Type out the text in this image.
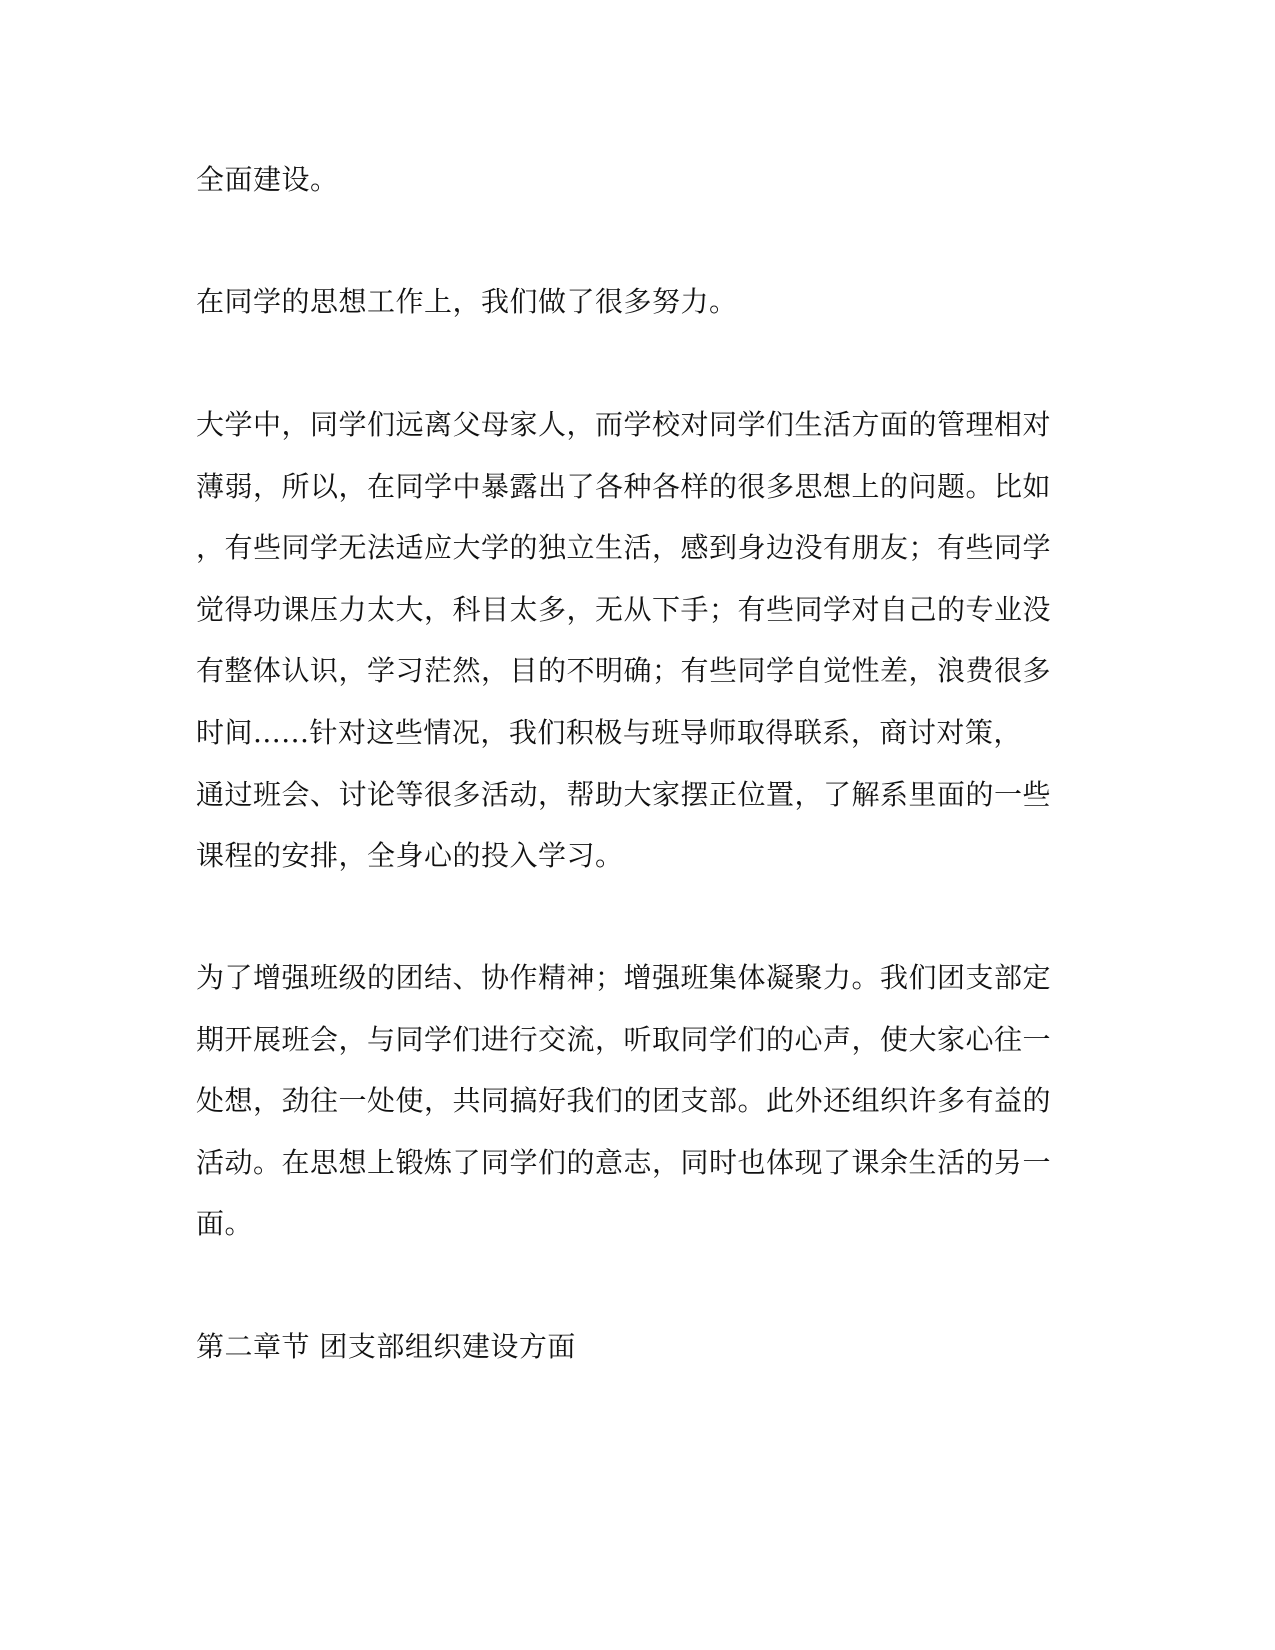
全面建设。

在同学的思想工作上，我们做了很多努力。

大学中，同学们远离父母家人，而学校对同学们生活方面的管理相对

薄弱，所以，在同学中暴露出了各种各样的很多思想上的问题。比如

，有些同学无法适应大学的独立生活，感到身边没有朋友；有些同学

觉得功课压力太大，科目太多，无从下手；有些同学对自己的专业没

有整体认识，学习茫然，目的不明确；有些同学自觉性差，浪费很多

时间......针对这些情况，我们积极与班导师取得联系，商讨对策，

通过班会、讨论等很多活动，帮助大家摆正位置，了解系里面的一些

课程的安排，全身心的投入学习。

为了增强班级的团结、协作精神；增强班集体凝聚力。我们团支部定

期开展班会，与同学们进行交流，听取同学们的心声，使大家心往一

处想，劲往一处使，共同搞好我们的团支部。此外还组织许多有益的

活动。在思想上锻炼了同学们的意志，同时也体现了课余生活的另一

面。

第二章节 团支部组织建设方面
